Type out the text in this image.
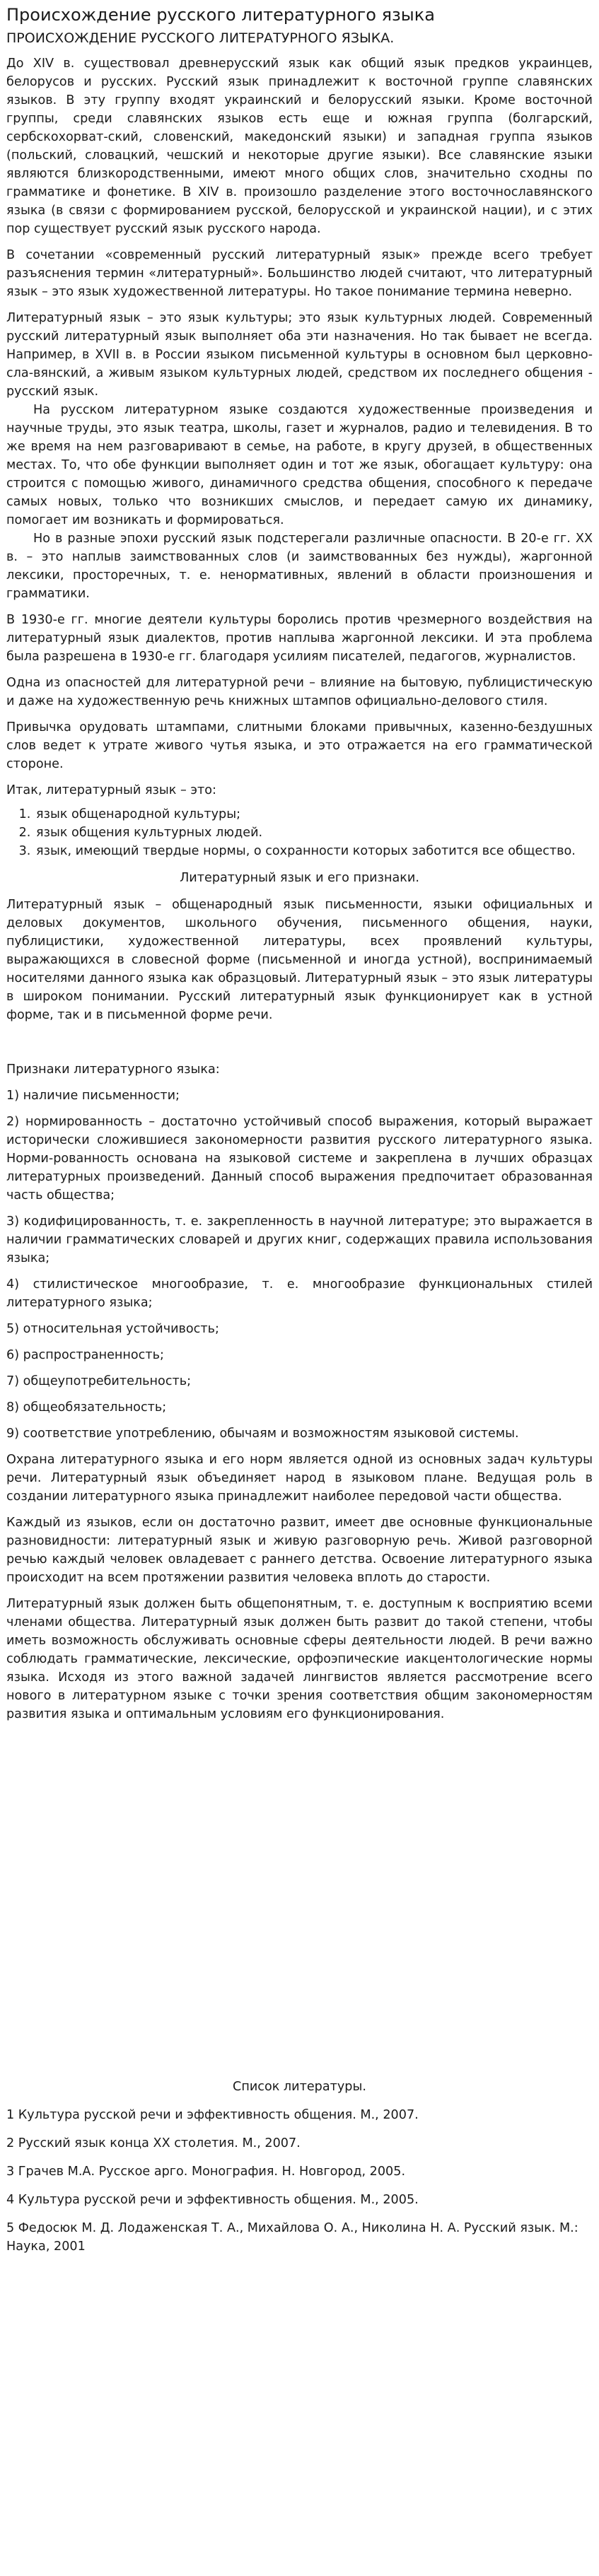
Происхождение русского литературного языка
ПРОИСХОЖДЕНИЕ РУССКОГО ЛИТЕРАТУРНОГО ЯЗЫКА.

До XIV в. существовал древнерусский язык как общий язык предков украинцев, белорусов и русских. Русский язык принадлежит к восточной группе славянских языков. В эту группу входят украинский и белорусский языки. Кроме восточной группы, среди славянских языков есть еще и южная группа (болгарский, сербскохорват-ский, словенский, македонский языки) и западная группа языков (польский, словацкий, чешский и некоторые другие языки). Все славянские языки являются близкородственными, имеют много общих слов, значительно сходны по грамматике и фонетике. В XIV в. произошло разделение этого восточнославянского языка (в связи с формированием русской, белорусской и украинской нации), и с этих пор существует русский язык русского народа.

В сочетании «современный русский литературный язык» прежде всего требует разъяснения термин «литературный». Большинство людей считают, что литературный язык – это язык художественной литературы. Но такое понимание термина неверно.

Литературный язык – это язык культуры; это язык культурных людей. Современный русский литературный язык выполняет оба эти назначения. Но так бывает не всегда. Например, в XVII в. в России языком письменной культуры в основном был церковно-сла-вянский, а живым языком культурных людей, средством их последнего общения - русский язык.

На русском литературном языке создаются художественные произведения и научные труды, это язык театра, школы, газет и журналов, радио и телевидения. В то же время на нем разговаривают в семье, на работе, в кругу друзей, в общественных местах. То, что обе функции выполняет один и тот же язык, обогащает культуру: она строится с помощью живого, динамичного средства общения, способного к передаче самых новых, только что возникших смыслов, и передает самую их динамику, помогает им возникать и формироваться.

Но в разные эпохи русский язык подстерегали различные опасности. В 20-е гг. XX в. – это наплыв заимствованных слов (и заимствованных без нужды), жаргонной лексики, просторечных, т. е. ненормативных, явлений в области произношения и грамматики.

В 1930-е гг. многие деятели культуры боролись против чрезмерного воздействия на литературный язык диалектов, против наплыва жаргонной лексики. И эта проблема была разрешена в 1930-е гг. благодаря усилиям писателей, педагогов, журналистов.

Одна из опасностей для литературной речи – влияние на бытовую, публицистическую и даже на художественную речь книжных штампов официально-делового стиля.

Привычка орудовать штампами, слитными блоками привычных, казенно-бездушных слов ведет к утрате живого чутья языка, и это отражается на его грамматической стороне.

Итак, литературный язык – это:

1. язык общенародной культуры;
2. язык общения культурных людей.
3. язык, имеющий твердые нормы, о сохранности которых заботится все общество.
Литературный язык и его признаки.

Литературный язык – общенародный язык письменности, языки официальных и деловых документов, школьного обучения, письменного общения, науки, публицистики, художественной литературы, всех проявлений культуры, выражающихся в словесной форме (письменной и иногда устной), воспринимаемый носителями данного языка как образцовый. Литературный язык – это язык литературы в широком понимании. Русский литературный язык функционирует как в устной форме, так и в письменной форме речи.

Признаки литературного языка:

1) наличие письменности;

2) нормированность – достаточно устойчивый способ выражения, который выражает исторически сложившиеся закономерности развития русского литературного языка. Норми-рованность основана на языковой системе и закреплена в лучших образцах литературных произведений. Данный способ выражения предпочитает образованная часть общества;

3) кодифицированность, т. е. закрепленность в научной литературе; это выражается в наличии грамматических словарей и других книг, содержащих правила использования языка;

4) стилистическое многообразие, т. е. многообразие функциональных стилей литературного языка;

5) относительная устойчивость;

6) распространенность;

7) общеупотребительность;

8) общеобязательность;

9) соответствие употреблению, обычаям и возможностям языковой системы.

Охрана литературного языка и его норм является одной из основных задач культуры речи. Литературный язык объединяет народ в языковом плане. Ведущая роль в создании литературного языка принадлежит наиболее передовой части общества.

Каждый из языков, если он достаточно развит, имеет две основные функциональные разновидности: литературный язык и живую разговорную речь. Живой разговорной речью каждый человек овладевает с раннего детства. Освоение литературного языка происходит на всем протяжении развития человека вплоть до старости.

Литературный язык должен быть общепонятным, т. е. доступным к восприятию всеми членами общества. Литературный язык должен быть развит до такой степени, чтобы иметь возможность обслуживать основные сферы деятельности людей. В речи важно соблюдать грамматические, лексические, орфоэпические иакцентологические нормы языка. Исходя из этого важной задачей лингвистов является рассмотрение всего нового в литературном языке с точки зрения соответствия общим закономерностям развития языка и оптимальным условиям его функционирования.

Список литературы.

1 Культура русской речи и эффективность общения. М., 2007.

2 Русский язык конца XX столетия. М., 2007.

3 Грачев М.А. Русское арго. Монография. Н. Новгород, 2005.

4 Культура русской речи и эффективность общения. М., 2005.

5 Федосюк М. Д. Лодаженская Т. А., Михайлова О. А., Николина Н. А. Русский язык. М.: Наука, 2001
